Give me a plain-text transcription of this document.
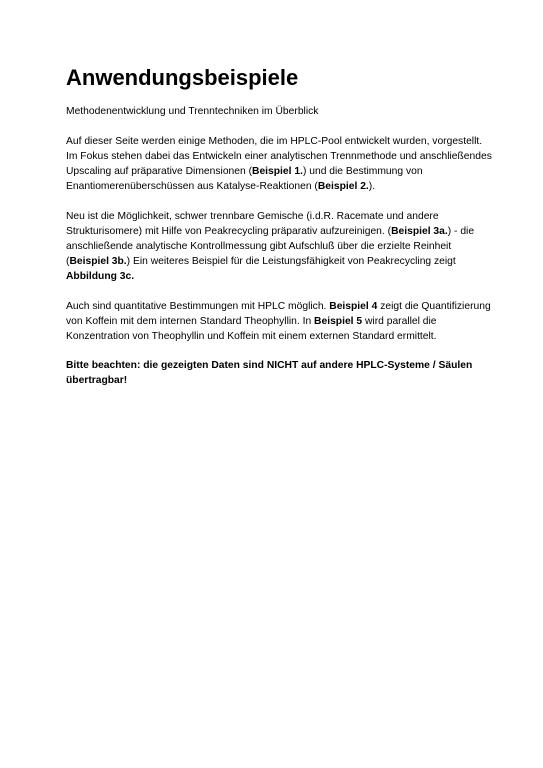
Anwendungsbeispiele

Methodenentwicklung und Trenntechniken im Überblick

Auf dieser Seite werden einige Methoden, die im HPLC-Pool entwickelt wurden, vorgestellt. Im Fokus stehen dabei das Entwickeln einer analytischen Trennmethode und anschließendes Upscaling auf präparative Dimensionen (Beispiel 1.) und die Bestimmung von Enantiomerenüberschüssen aus Katalyse-Reaktionen (Beispiel 2.).

Neu ist die Möglichkeit, schwer trennbare Gemische (i.d.R. Racemate und andere Strukturisomere) mit Hilfe von Peakrecycling präparativ aufzureinigen. (Beispiel 3a.) - die anschließende analytische Kontrollmessung gibt Aufschluß über die erzielte Reinheit (Beispiel 3b.) Ein weiteres Beispiel für die Leistungsfähigkeit von Peakrecycling zeigt Abbildung 3c.

Auch sind quantitative Bestimmungen mit HPLC möglich. Beispiel 4 zeigt die Quantifizierung von Koffein mit dem internen Standard Theophyllin. In Beispiel 5 wird parallel die Konzentration von Theophyllin und Koffein mit einem externen Standard ermittelt.

Bitte beachten: die gezeigten Daten sind NICHT auf andere HPLC-Systeme / Säulen übertragbar!
